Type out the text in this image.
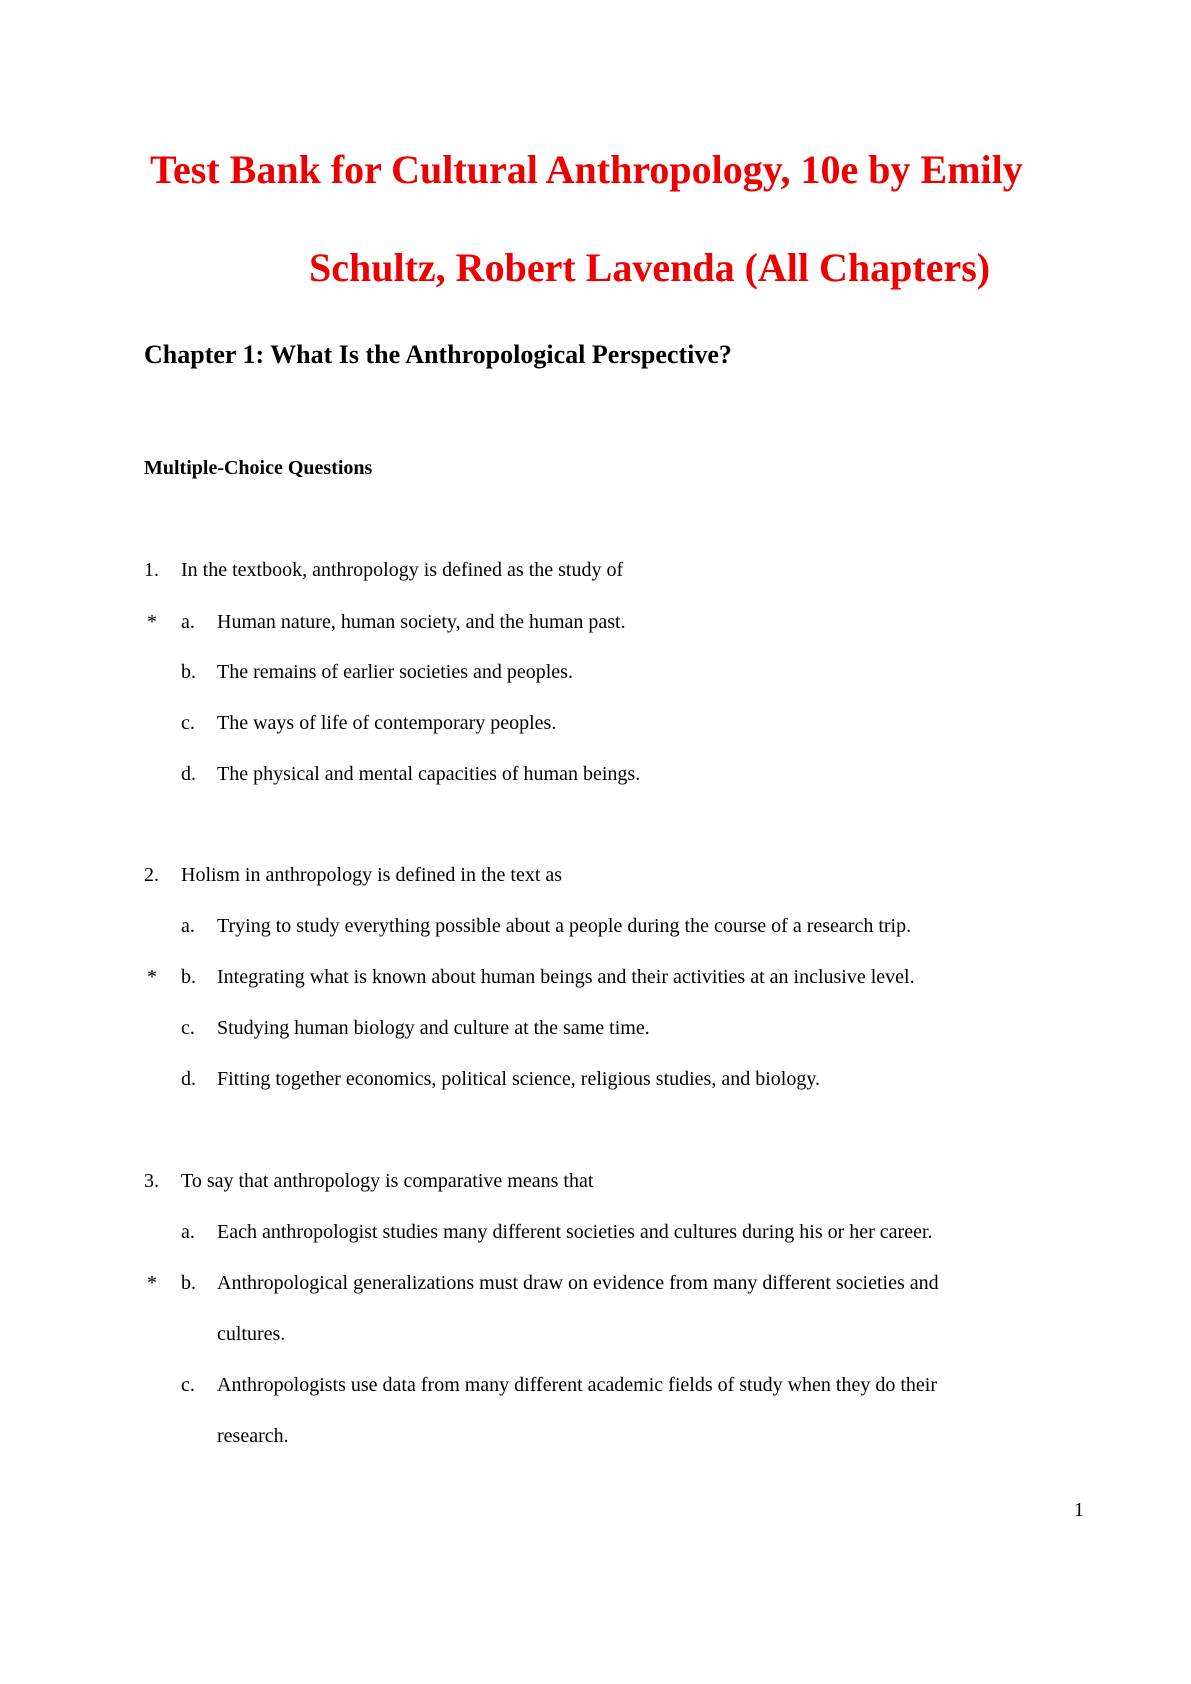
Test Bank for Cultural Anthropology, 10e by Emily
Schultz, Robert Lavenda (All Chapters)
Chapter 1: What Is the Anthropological Perspective?
Multiple-Choice Questions
1. In the textbook, anthropology is defined as the study of
* a. Human nature, human society, and the human past.
b. The remains of earlier societies and peoples.
c. The ways of life of contemporary peoples.
d. The physical and mental capacities of human beings.
2. Holism in anthropology is defined in the text as
a. Trying to study everything possible about a people during the course of a research trip.
* b. Integrating what is known about human beings and their activities at an inclusive level.
c. Studying human biology and culture at the same time.
d. Fitting together economics, political science, religious studies, and biology.
3. To say that anthropology is comparative means that
a. Each anthropologist studies many different societies and cultures during his or her career.
* b. Anthropological generalizations must draw on evidence from many different societies and
cultures.
c. Anthropologists use data from many different academic fields of study when they do their
research.
1
